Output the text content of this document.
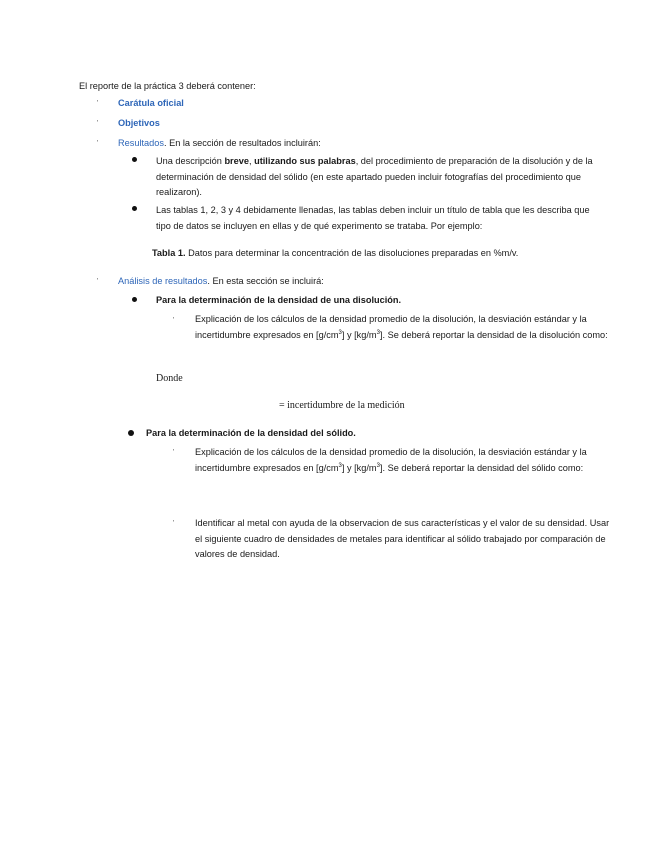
El reporte de la práctica 3 deberá contener:
' Carátula oficial
' Objetivos
' Resultados. En la sección de resultados incluirán:
Una descripción breve, utilizando sus palabras, del procedimiento de preparación de la disolución y de la determinación de densidad del sólido (en este apartado pueden incluir fotografías del procedimiento que realizaron).
Las tablas 1, 2, 3 y 4 debidamente llenadas, las tablas deben incluir un título de tabla que les describa que tipo de datos se incluyen en ellas y de qué experimento se trataba. Por ejemplo:
Tabla 1. Datos para determinar la concentración de las disoluciones preparadas en %m/v.
' Análisis de resultados. En esta sección se incluirá:
Para la determinación de la densidad de una disolución.
' Explicación de los cálculos de la densidad promedio de la disolución, la desviación estándar y la incertidumbre expresados en $[g/cm^3]$ y $[kg/m^3]$. Se deberá reportar la densidad de la disolución como:
Donde
= incertidumbre de la medición
Para la determinación de la densidad del sólido.
' Explicación de los cálculos de la densidad promedio de la disolución, la desviación estándar y la incertidumbre expresados en $[g/cm^3]$ y $[kg/m^3]$. Se deberá reportar la densidad del sólido como:
' Identificar al metal con ayuda de la observacion de sus características y el valor de su densidad. Usar el siguiente cuadro de densidades de metales para identificar al sólido trabajado por comparación de valores de densidad.
